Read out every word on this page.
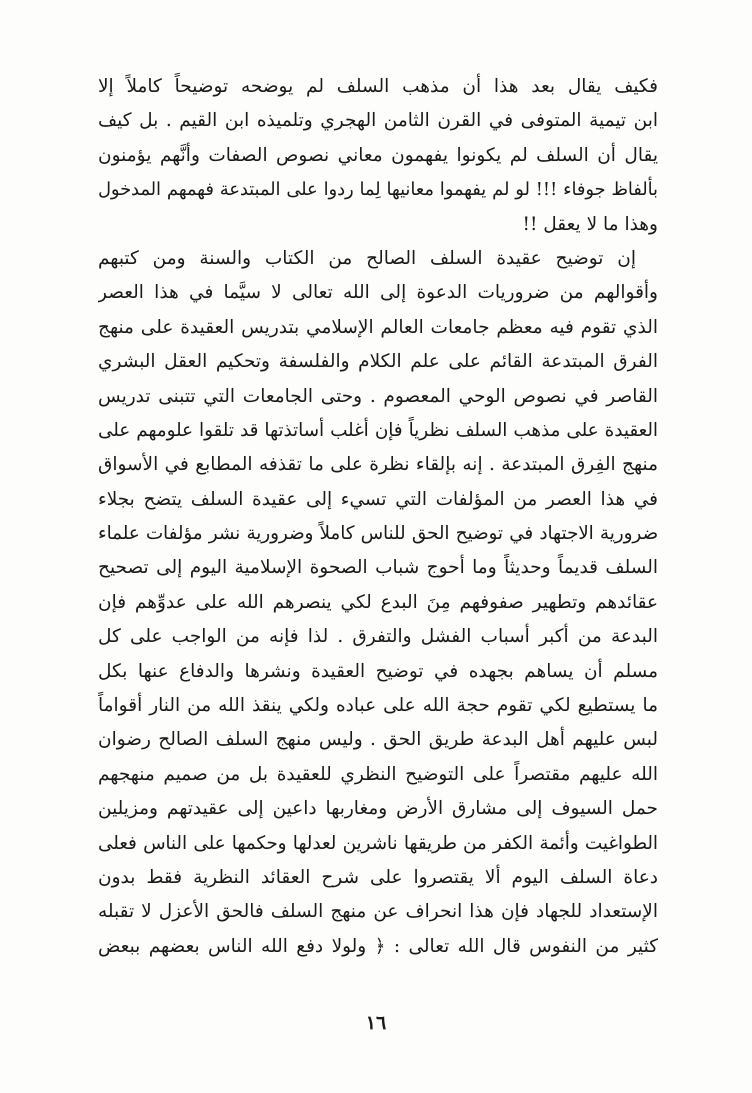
فكيف يقال بعد هذا أن مذهب السلف لم يوضحه توضيحاً كاملاً إلا
ابن تيمية المتوفى في القرن الثامن الهجري وتلميذه ابن القيم . بل كيف
يقال أن السلف لم يكونوا يفهمون معاني نصوص الصفات وأنَّهم يؤمنون
بألفاظ جوفاء !!! لو لم يفهموا معانيها لِما ردوا على المبتدعة فهمهم المدخول
وهذا ما لا يعقل !!
إن توضيح عقيدة السلف الصالح من الكتاب والسنة ومن كتبهم
وأقوالهم من ضروريات الدعوة إلى الله تعالى لا سيَّما في هذا العصر
الذي تقوم فيه معظم جامعات العالم الإسلامي بتدريس العقيدة على منهج
الفرق المبتدعة القائم على علم الكلام والفلسفة وتحكيم العقل البشري
القاصر في نصوص الوحي المعصوم . وحتى الجامعات التي تتبنى تدريس
العقيدة على مذهب السلف نظرياً فإن أغلب أساتذتها قد تلقوا علومهم على
منهج الفِرق المبتدعة . إنه بإلقاء نظرة على ما تقذفه المطابع في الأسواق
في هذا العصر من المؤلفات التي تسيء إلى عقيدة السلف يتضح بجلاء
ضرورية الاجتهاد في توضيح الحق للناس كاملاً وضرورية نشر مؤلفات علماء
السلف قديماً وحديثاً وما أحوج شباب الصحوة الإسلامية اليوم إلى تصحيح
عقائدهم وتطهير صفوفهم مِنَ البدع لكي ينصرهم الله على عدوِّهم فإن
البدعة من أكبر أسباب الفشل والتفرق . لذا فإنه من الواجب على كل
مسلم أن يساهم بجهده في توضيح العقيدة ونشرها والدفاع عنها بكل
ما يستطيع لكي تقوم حجة الله على عباده ولكي ينقذ الله من النار أقواماً
لبس عليهم أهل البدعة طريق الحق . وليس منهج السلف الصالح رضوان
الله عليهم مقتصراً على التوضيح النظري للعقيدة بل من صميم منهجهم
حمل السيوف إلى مشارق الأرض ومغاربها داعين إلى عقيدتهم ومزيلين
الطواغيت وأئمة الكفر من طريقها ناشرين لعدلها وحكمها على الناس فعلى
دعاة السلف اليوم ألا يقتصروا على شرح العقائد النظرية فقط بدون
الإستعداد للجهاد فإن هذا انحراف عن منهج السلف فالحق الأعزل لا تقبله
كثير من النفوس قال الله تعالى : ﴿ ولولا دفع الله الناس بعضهم ببعض
١٦
